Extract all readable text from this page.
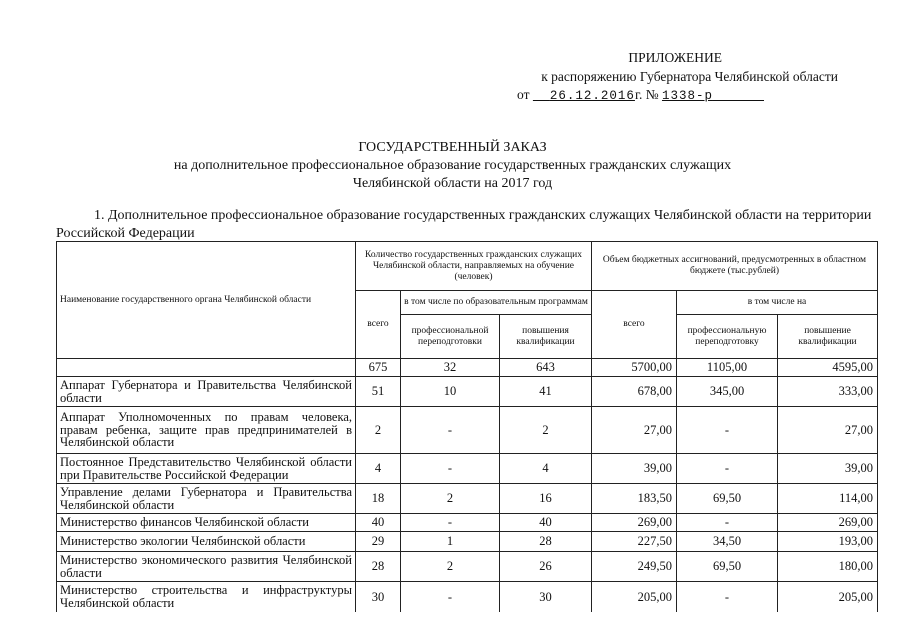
ПРИЛОЖЕНИЕ
к распоряжению Губернатора Челябинской области
от 26.12.2016г. № 1338-р
ГОСУДАРСТВЕННЫЙ ЗАКАЗ
на дополнительное профессиональное образование государственных гражданских служащих
Челябинской области на 2017 год
1. Дополнительное профессиональное образование государственных гражданских служащих Челябинской области на территории Российской Федерации
Наименование государственного органа Челябинской области	Количество государственных гражданских служащих Челябинской области, направляемых на обучение (человек)			Объем бюджетных ассигнований, предусмотренных в областном бюджете (тыс.рублей)		
	всего	в том числе по образовательным программам		всего	в том числе на	
		профессиональной переподготовки	повышения квалификации		профессиональную переподготовку	повышение квалификации
	675	32	643	5700,00	1105,00	4595,00
Аппарат Губернатора и Правительства Челябинской области	51	10	41	678,00	345,00	333,00
Аппарат Уполномоченных по правам человека, правам ребенка, защите прав предпринимателей в Челябинской области	2	-	2	27,00	-	27,00
Постоянное Представительство Челябинской области при Правительстве Российской Федерации	4	-	4	39,00	-	39,00
Управление делами Губернатора и Правительства Челябинской области	18	2	16	183,50	69,50	114,00
Министерство финансов Челябинской области	40	-	40	269,00	-	269,00
Министерство экологии Челябинской области	29	1	28	227,50	34,50	193,00
Министерство экономического развития Челябинской области	28	2	26	249,50	69,50	180,00
Министерство строительства и инфраструктуры Челябинской области	30	-	30	205,00	-	205,00
